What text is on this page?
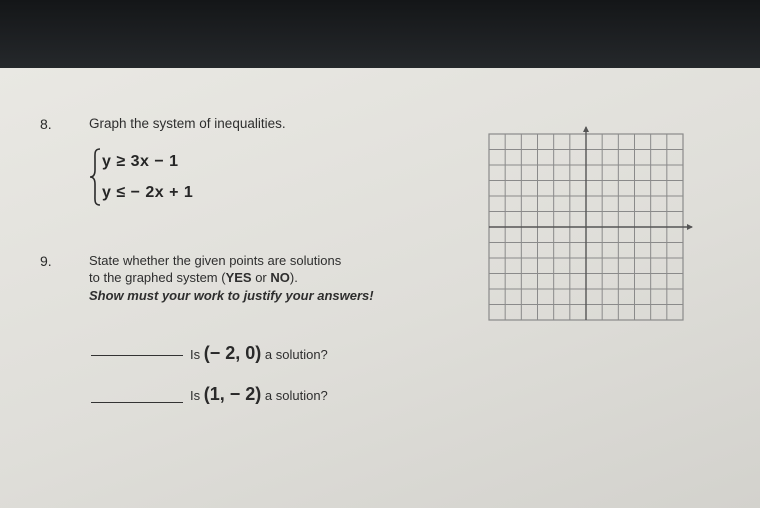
8.	Graph the system of inequalities.
y ≥ 3x − 1
y ≤ − 2x + 1
9.	State whether the given points are solutions
to the graphed system (YES or NO).
Show must your work to justify your answers!
Is (− 2, 0) a solution?
Is (1, − 2) a solution?
